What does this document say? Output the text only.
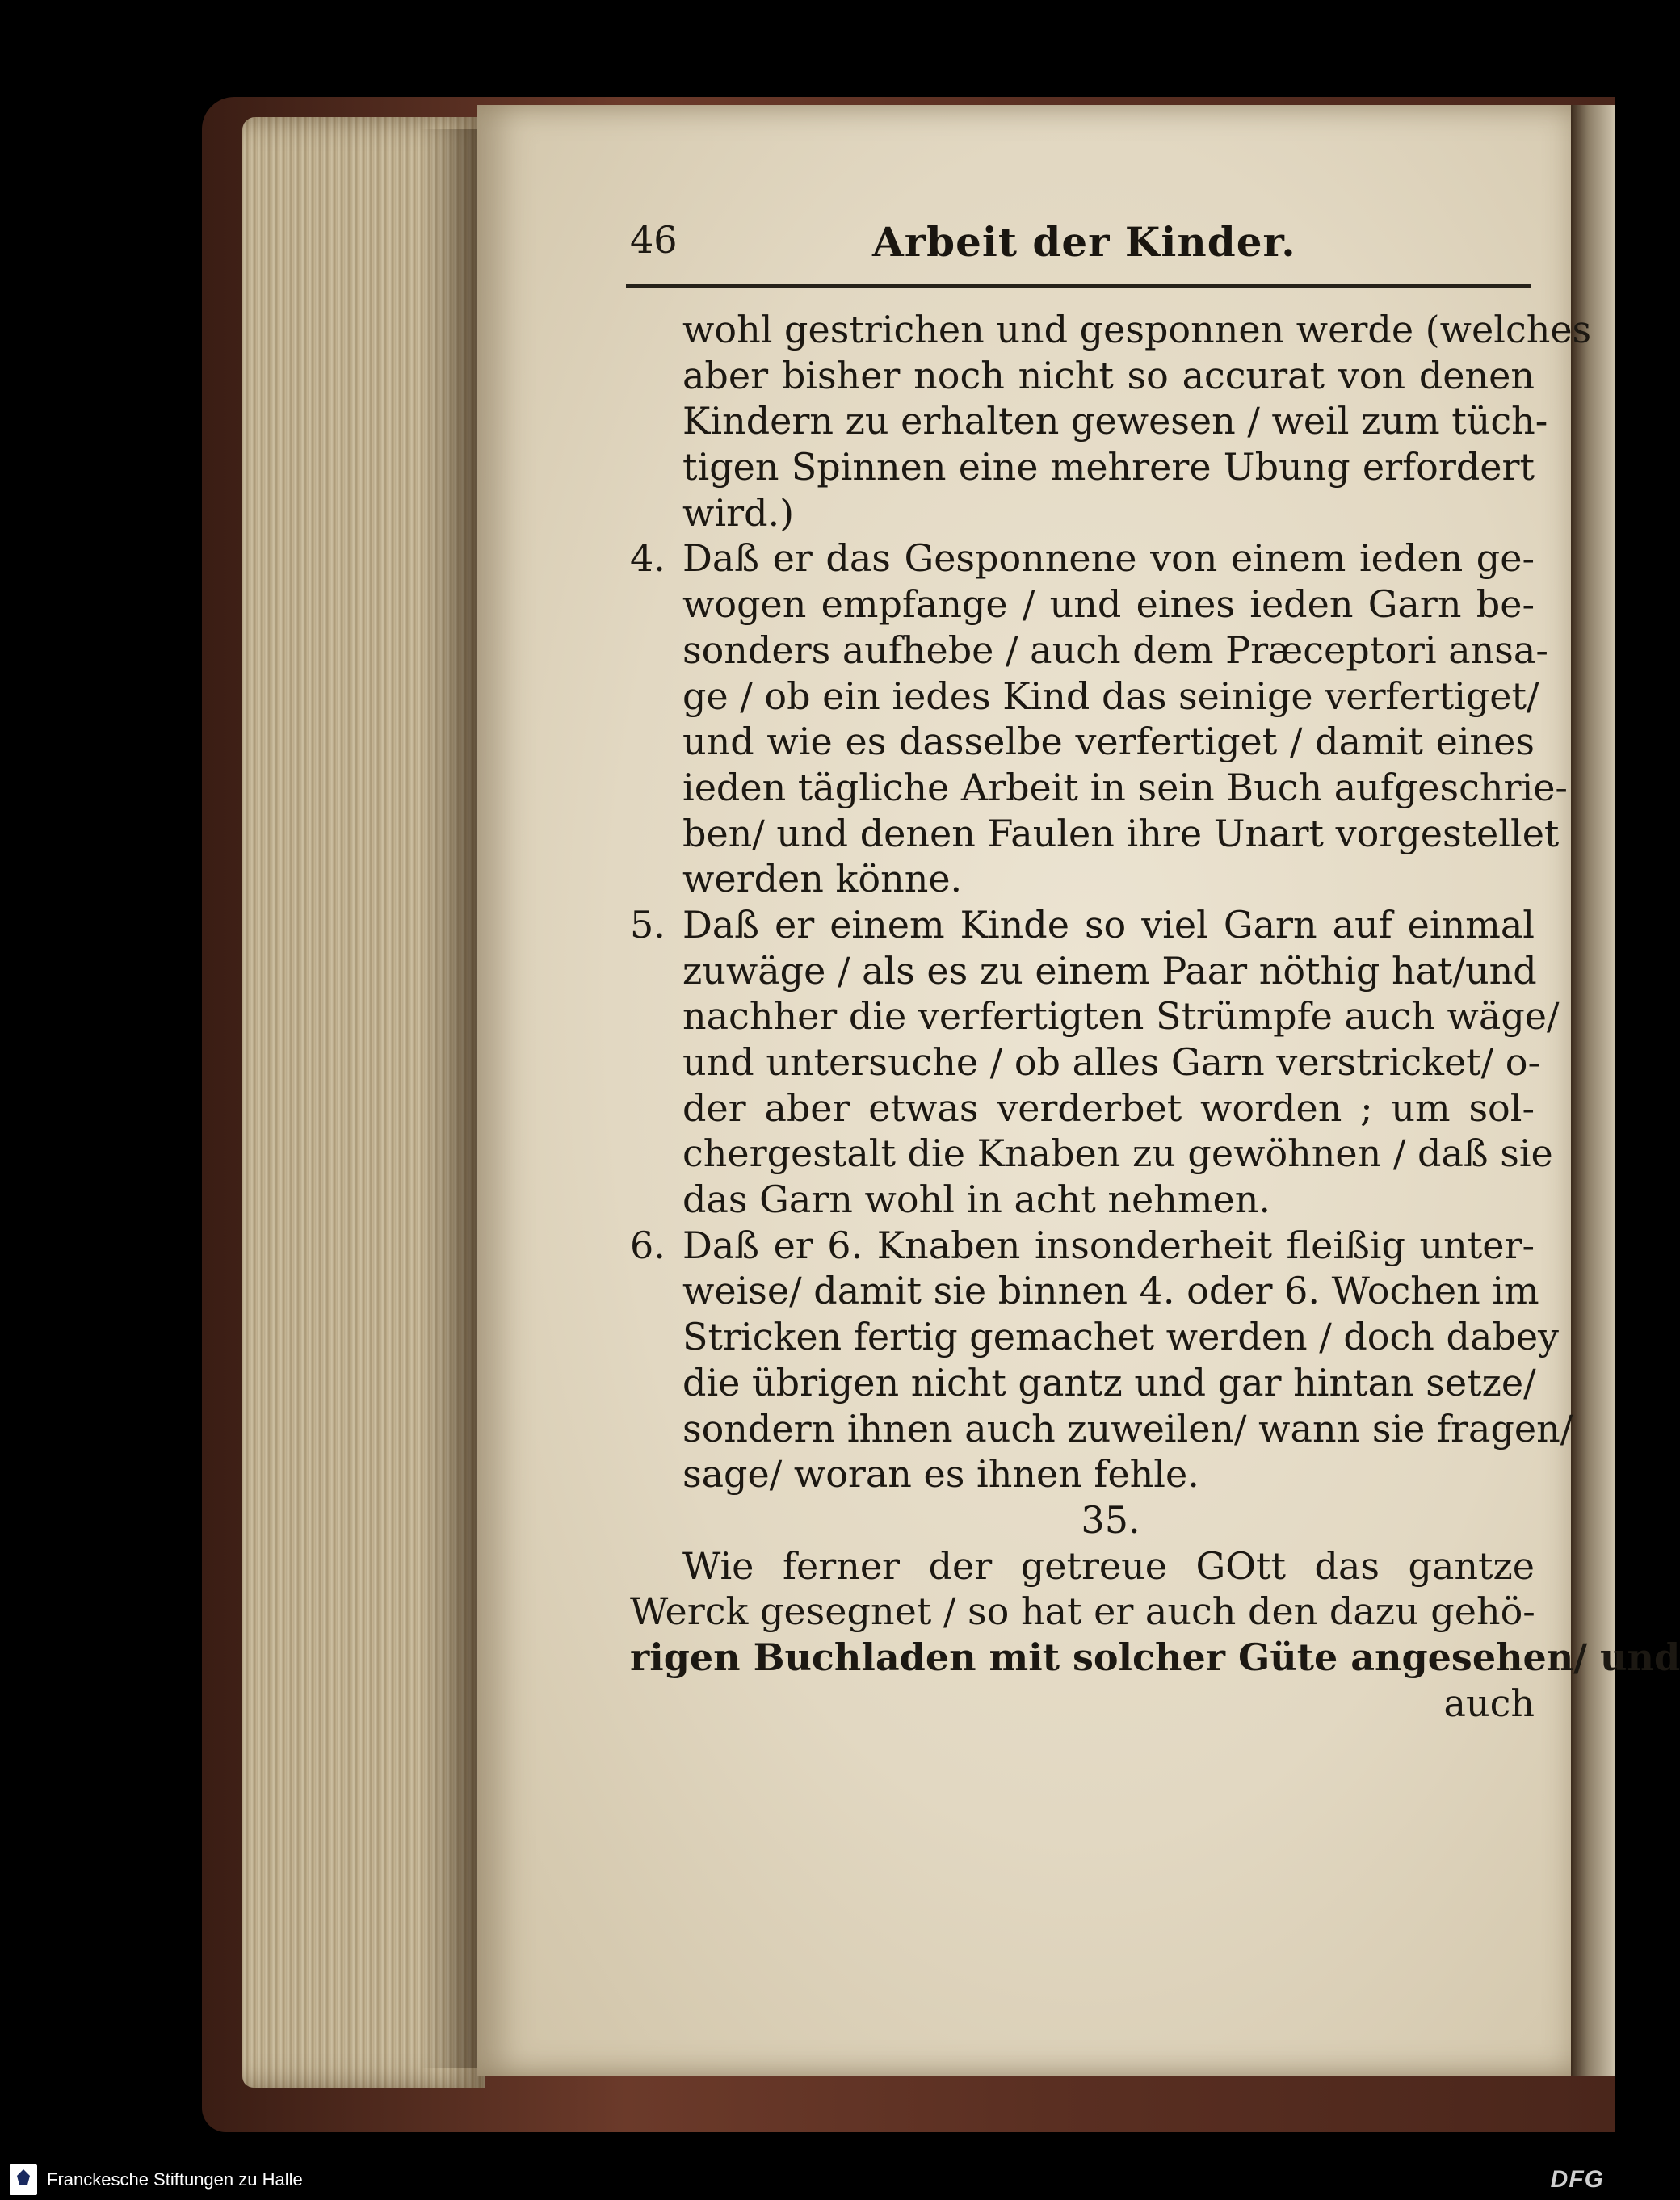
46	Arbeit der Kinder.
wohl gestrichen und gesponnen werde (welches
aber bisher noch nicht so accurat von denen
Kindern zu erhalten gewesen / weil zum tüch-
tigen Spinnen eine mehrere Ubung erfordert
wird.)
4. Daß er das Gesponnene von einem ieden ge-
wogen empfange / und eines ieden Garn be-
sonders aufhebe / auch dem Præceptori ansa-
ge / ob ein iedes Kind das seinige verfertiget/
und wie es dasselbe verfertiget / damit eines
ieden tägliche Arbeit in sein Buch aufgeschrie-
ben/ und denen Faulen ihre Unart vorgestellet
werden könne.
5. Daß er einem Kinde so viel Garn auf einmal
zuwäge / als es zu einem Paar nöthig hat/und
nachher die verfertigten Strümpfe auch wäge/
und untersuche / ob alles Garn verstricket/ o-
der aber etwas verderbet worden ; um sol-
chergestalt die Knaben zu gewöhnen / daß sie
das Garn wohl in acht nehmen.
6. Daß er 6. Knaben insonderheit fleißig unter-
weise/ damit sie binnen 4. oder 6. Wochen im
Stricken fertig gemachet werden / doch dabey
die übrigen nicht gantz und gar hintan setze/
sondern ihnen auch zuweilen/ wann sie fragen/
sage/ woran es ihnen fehle.
35.
Wie ferner der getreue GOtt das gantze
Werck gesegnet / so hat er auch den dazu gehö-
rigen Buchladen mit solcher Güte angesehen/ und
auch
Franckesche Stiftungen zu Halle	DFG
